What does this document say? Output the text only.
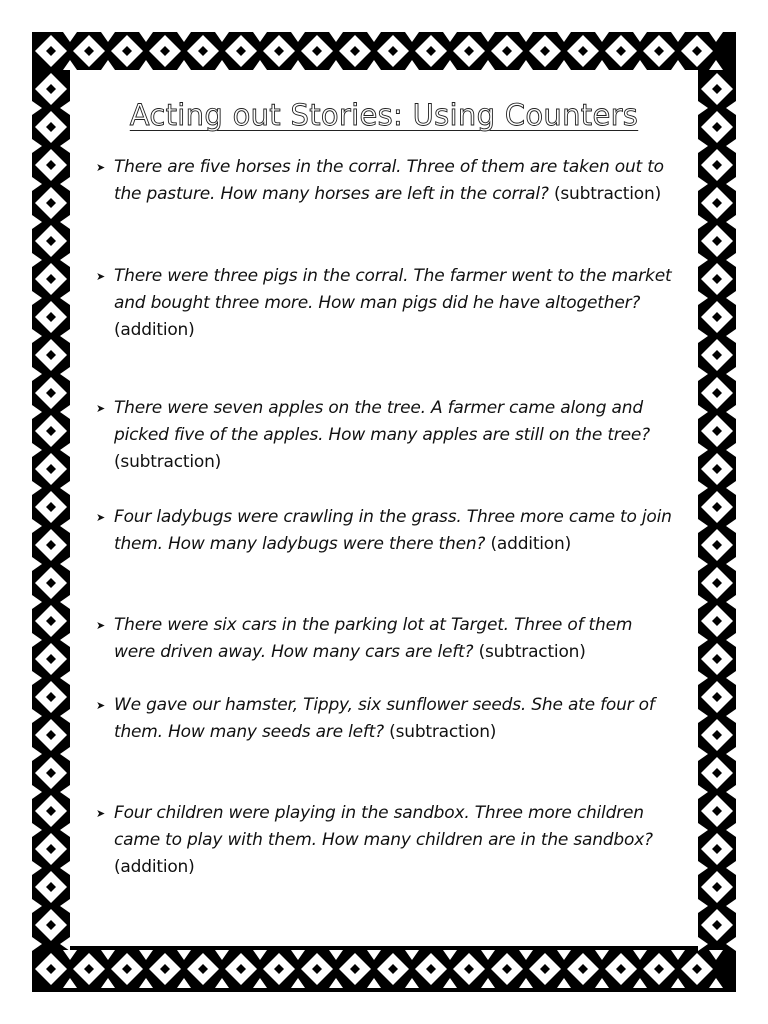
Acting out Stories: Using Counters
➤ There are five horses in the corral. Three of them are taken out to the pasture. How many horses are left in the corral? (subtraction)
➤ There were three pigs in the corral. The farmer went to the market and bought three more. How man pigs did he have altogether? (addition)
➤ There were seven apples on the tree. A farmer came along and picked five of the apples. How many apples are still on the tree? (subtraction)
➤ Four ladybugs were crawling in the grass. Three more came to join them. How many ladybugs were there then? (addition)
➤ There were six cars in the parking lot at Target. Three of them were driven away. How many cars are left? (subtraction)
➤ We gave our hamster, Tippy, six sunflower seeds. She ate four of them. How many seeds are left? (subtraction)
➤ Four children were playing in the sandbox. Three more children came to play with them. How many children are in the sandbox? (addition)
